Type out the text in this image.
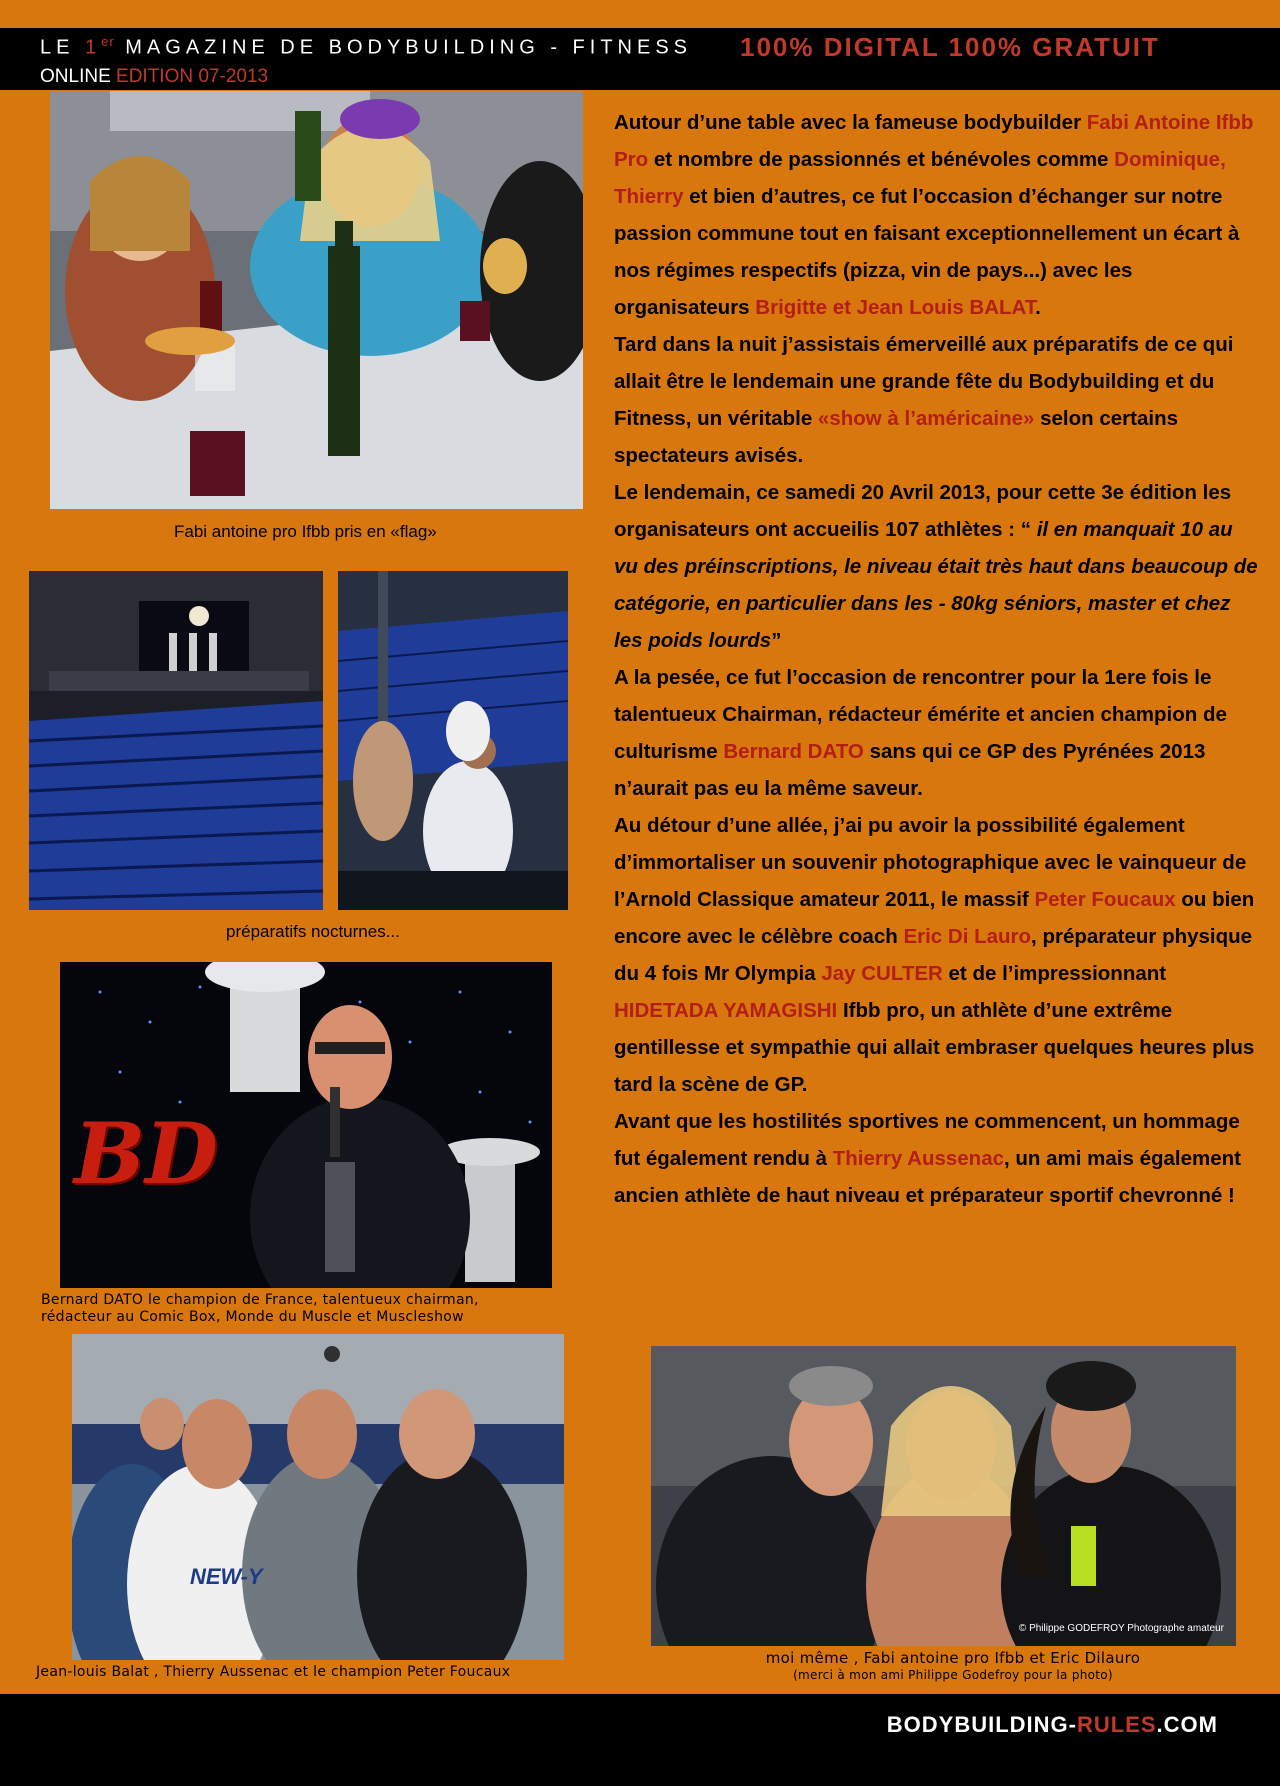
LE 1er MAGAZINE DE BODYBUILDING - FITNESS 100% DIGITAL 100% GRATUIT
ONLINE EDITION 07-2013
Fabi antoine pro Ifbb pris en «flag»
préparatifs nocturnes...
BD
Bernard DATO le champion de France, talentueux chairman,
rédacteur au Comic Box, Monde du Muscle et Muscleshow
NEW-Y
Jean-louis Balat , Thierry Aussenac et le champion Peter Foucaux
© Philippe GODEFROY Photographe amateur
moi même , Fabi antoine pro Ifbb et Eric Dilauro
(merci à mon ami Philippe Godefroy pour la photo)

Autour d’une table avec la fameuse bodybuilder Fabi Antoine Ifbb Pro et nombre de passionnés et bénévoles comme Dominique, Thierry et bien d’autres, ce fut l’occasion d’échanger sur notre passion commune tout en faisant exceptionnellement un écart à nos régimes respectifs (pizza, vin de pays...) avec les organisateurs Brigitte et Jean Louis BALAT.

Tard dans la nuit j’assistais émerveillé aux préparatifs de ce qui allait être le lendemain une grande fête du Bodybuilding et du Fitness, un véritable «show à l’américaine» selon certains spectateurs avisés.

Le lendemain, ce samedi 20 Avril 2013, pour cette 3e édition les organisateurs ont accueilis 107 athlètes : “ il en manquait 10 au vu des préinscriptions, le niveau était très haut dans beaucoup de catégorie, en particulier dans les - 80kg séniors, master et chez les poids lourds”

A la pesée, ce fut l’occasion de rencontrer pour la 1ere fois le talentueux Chairman, rédacteur émérite et ancien champion de culturisme Bernard DATO sans qui ce GP des Pyrénées 2013 n’aurait pas eu la même saveur.

Au détour d’une allée, j’ai pu avoir la possibilité également d’immortaliser un souvenir photographique avec le vainqueur de l’Arnold Classique amateur 2011, le massif Peter Foucaux ou bien encore avec le célèbre coach Eric Di Lauro, préparateur physique du 4 fois Mr Olympia Jay CULTER et de l’impressionnant HIDETADA YAMAGISHI Ifbb pro, un athlète d’une extrême gentillesse et sympathie qui allait embraser quelques heures plus tard la scène de GP.

Avant que les hostilités sportives ne commencent, un hommage fut également rendu à Thierry Aussenac, un ami mais également ancien athlète de haut niveau et préparateur sportif chevronné !

BODYBUILDING-RULES.COM
